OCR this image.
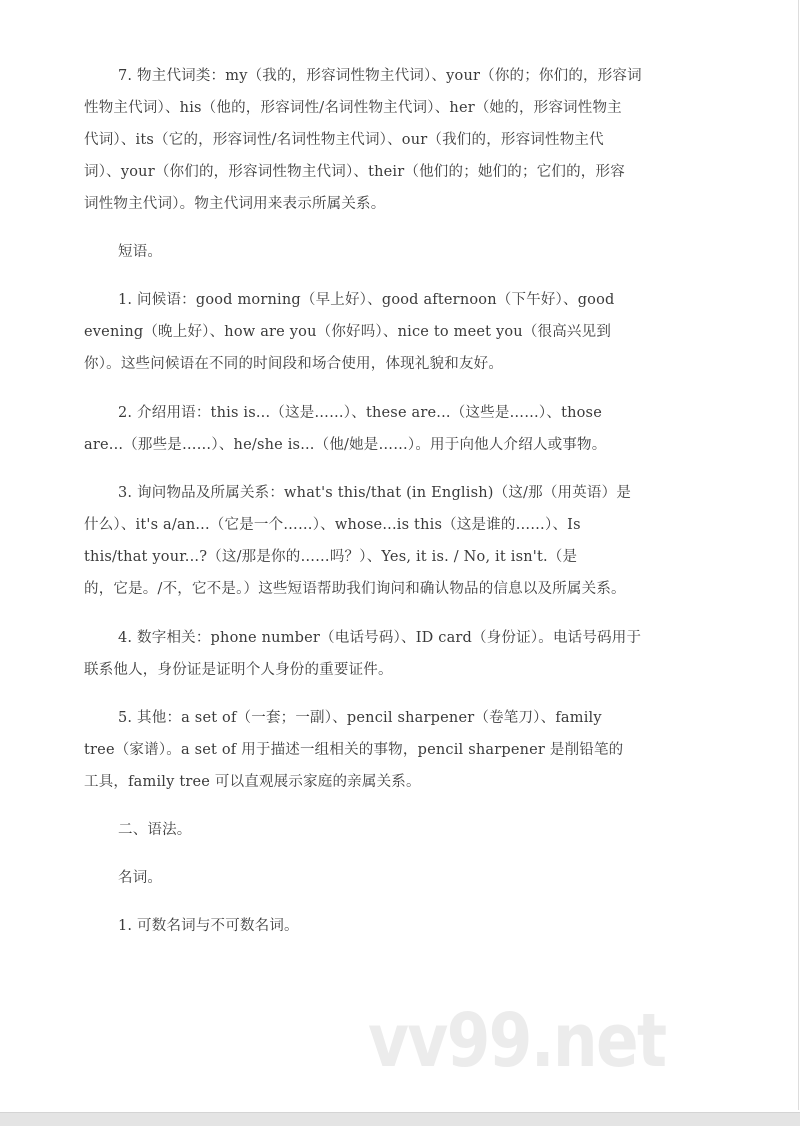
7. 物主代词类：my（我的，形容词性物主代词）、your（你的；你们的，形容词
性物主代词）、his（他的，形容词性/名词性物主代词）、her（她的，形容词性物主
代词）、its（它的，形容词性/名词性物主代词）、our（我们的，形容词性物主代
词）、your（你们的，形容词性物主代词）、their（他们的；她们的；它们的，形容
词性物主代词）。物主代词用来表示所属关系。
短语。
1. 问候语：good morning（早上好）、good afternoon（下午好）、good
evening（晚上好）、how are you（你好吗）、nice to meet you（很高兴见到
你）。这些问候语在不同的时间段和场合使用，体现礼貌和友好。
2. 介绍用语：this is...（这是……）、these are...（这些是……）、those
are...（那些是……）、he/she is...（他/她是……）。用于向他人介绍人或事物。
3. 询问物品及所属关系：what's this/that (in English)（这/那（用英语）是
什么）、it's a/an...（它是一个……）、whose...is this（这是谁的……）、Is
this/that your...?（这/那是你的……吗？）、Yes, it is. / No, it isn't.（是
的，它是。/不，它不是。）这些短语帮助我们询问和确认物品的信息以及所属关系。
4. 数字相关：phone number（电话号码）、ID card（身份证）。电话号码用于
联系他人，身份证是证明个人身份的重要证件。
5. 其他：a set of（一套；一副）、pencil sharpener（卷笔刀）、family
tree（家谱）。a set of 用于描述一组相关的事物，pencil sharpener 是削铅笔的
工具，family tree 可以直观展示家庭的亲属关系。
二、语法。
名词。
1. 可数名词与不可数名词。
vv99.net
